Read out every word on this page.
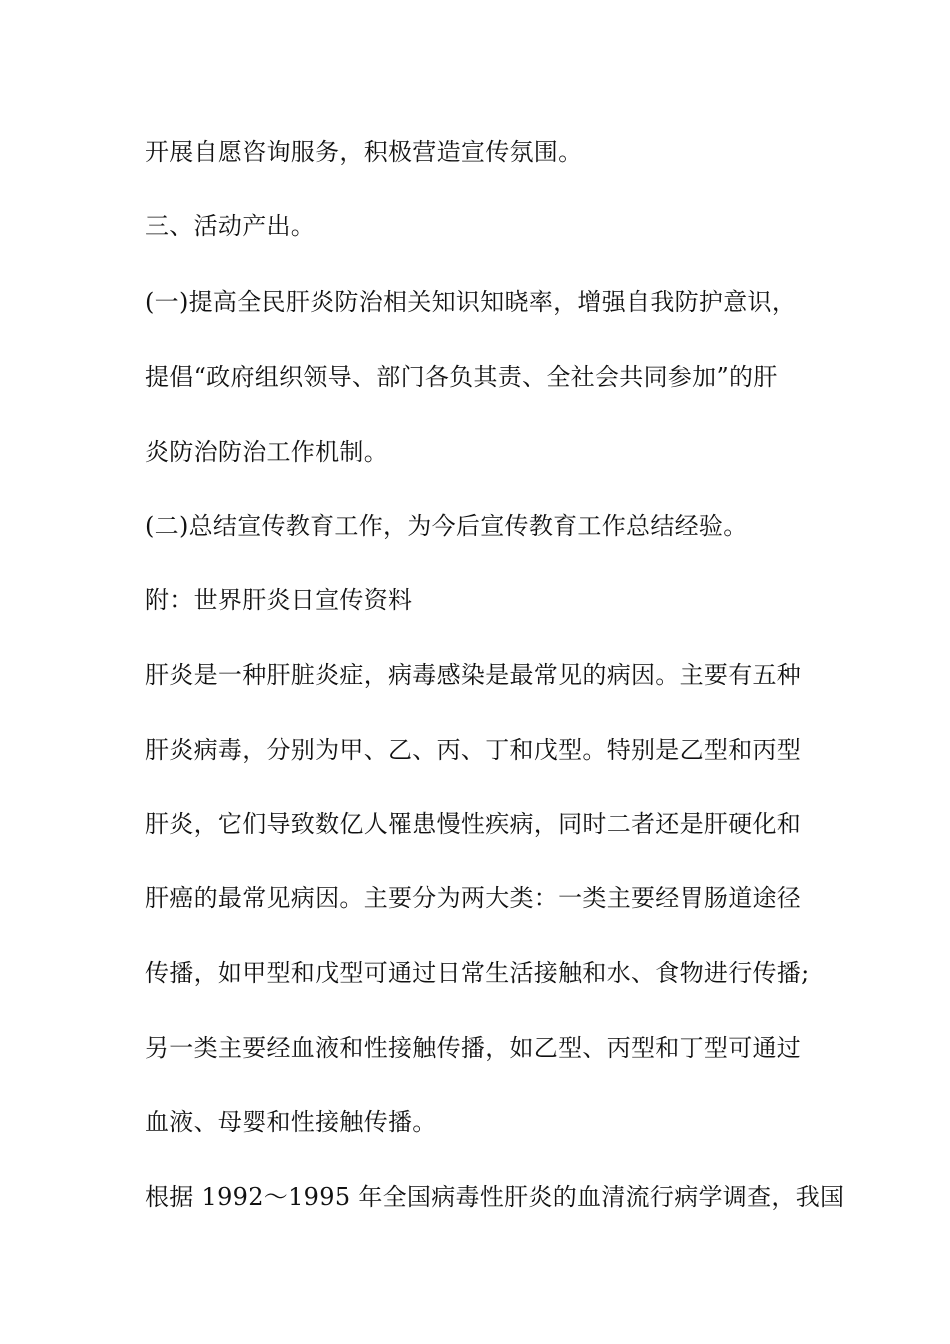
开展自愿咨询服务，积极营造宣传氛围。
三、活动产出。
(一)提高全民肝炎防治相关知识知晓率，增强自我防护意识，
提倡“政府组织领导、部门各负其责、全社会共同参加”的肝
炎防治防治工作机制。
(二)总结宣传教育工作，为今后宣传教育工作总结经验。
附：世界肝炎日宣传资料
肝炎是一种肝脏炎症，病毒感染是最常见的病因。主要有五种
肝炎病毒，分别为甲、乙、丙、丁和戊型。特别是乙型和丙型
肝炎，它们导致数亿人罹患慢性疾病，同时二者还是肝硬化和
肝癌的最常见病因。主要分为两大类：一类主要经胃肠道途径
传播，如甲型和戊型可通过日常生活接触和水、食物进行传播;
另一类主要经血液和性接触传播，如乙型、丙型和丁型可通过
血液、母婴和性接触传播。
根据 1992～1995 年全国病毒性肝炎的血清流行病学调查，我国
